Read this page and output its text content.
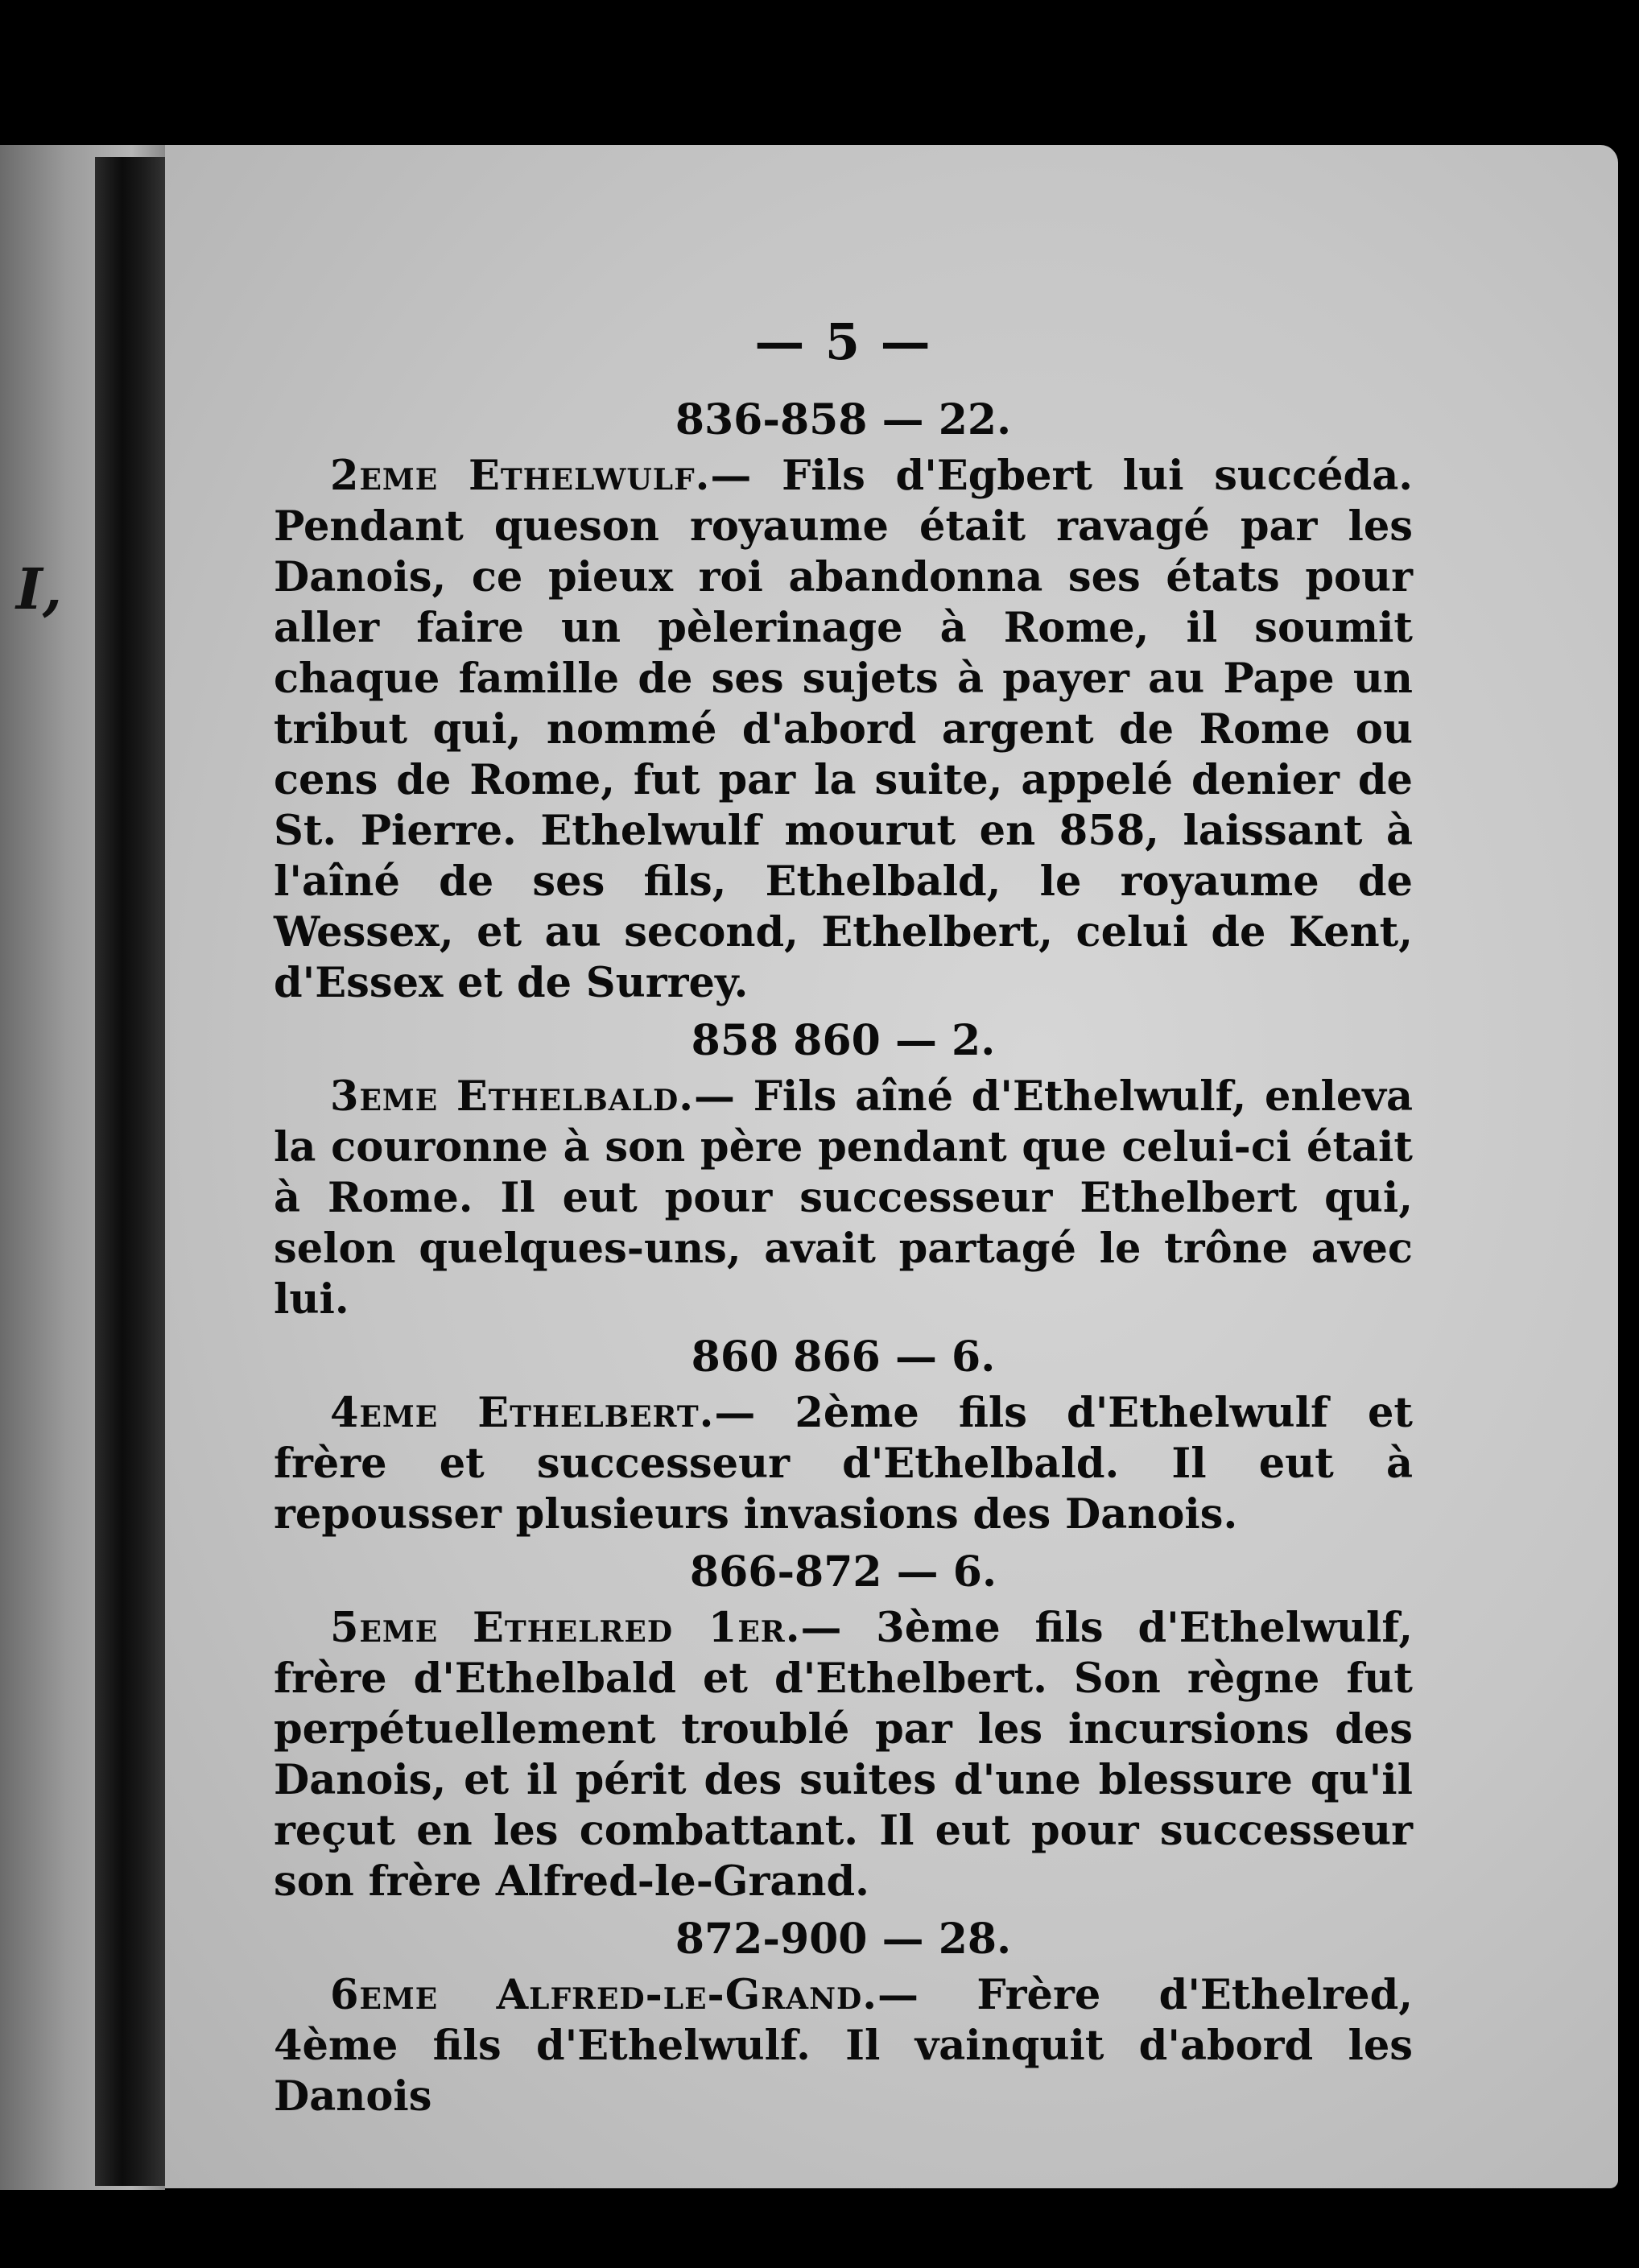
I,
— 5 —
836-858 — 22.

2eme Ethelwulf.— Fils d'Egbert lui succéda. Pendant queson royaume était ravagé par les Danois, ce pieux roi abandonna ses états pour aller faire un pèlerinage à Rome, il soumit chaque famille de ses sujets à payer au Pape un tribut qui, nommé d'abord argent de Rome ou cens de Rome, fut par la suite, appelé denier de St. Pierre. Ethelwulf mourut en 858, laissant à l'aîné de ses fils, Ethelbald, le royaume de Wessex, et au second, Ethelbert, celui de Kent, d'Essex et de Surrey.

858 860 — 2.

3eme Ethelbald.— Fils aîné d'Ethelwulf, enleva la couronne à son père pendant que celui-ci était à Rome. Il eut pour successeur Ethelbert qui, selon quelques-uns, avait partagé le trône avec lui.

860 866 — 6.

4eme Ethelbert.— 2ème fils d'Ethelwulf et frère et successeur d'Ethelbald. Il eut à repousser plusieurs invasions des Danois.

866-872 — 6.

5eme Ethelred 1er.— 3ème fils d'Ethelwulf, frère d'Ethelbald et d'Ethelbert. Son règne fut perpétuellement troublé par les incursions des Danois, et il périt des suites d'une blessure qu'il reçut en les combattant. Il eut pour successeur son frère Alfred-le-Grand.

872-900 — 28.

6eme Alfred-le-Grand.— Frère d'Ethelred, 4ème fils d'Ethelwulf. Il vainquit d'abord les Danois
